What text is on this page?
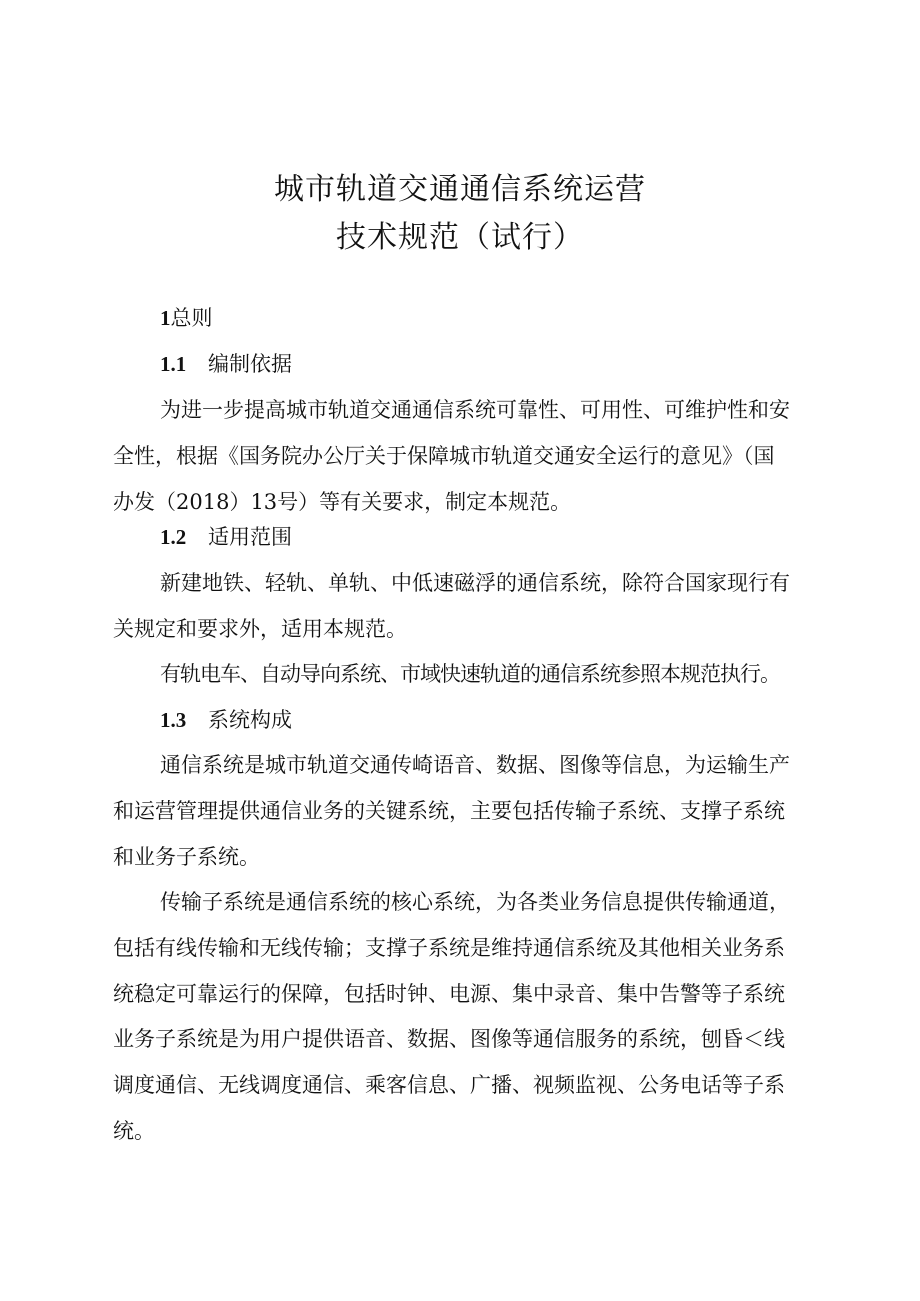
城市轨道交通通信系统运营
技术规范（试行）
1总则
1.1 编制依据

为进一步提高城市轨道交通通信系统可靠性、可用性、可维护性和安

全性，根据《国务院办公厅关于保障城市轨道交通安全运行的意见》（国

办发（2018）13号）等有关要求，制定本规范。

1.2 适用范围

新建地铁、轻轨、单轨、中低速磁浮的通信系统，除符合国家现行有

关规定和要求外，适用本规范。

有轨电车、自动导向系统、市域快速轨道的通信系统参照本规范执行。

1.3 系统构成

通信系统是城市轨道交通传崎语音、数据、图像等信息，为运输生产

和运营管理提供通信业务的关键系统，主要包括传输子系统、支撑子系统

和业务子系统。

传输子系统是通信系统的核心系统，为各类业务信息提供传输通道，

包括有线传输和无线传输；支撑子系统是维持通信系统及其他相关业务系

统稳定可靠运行的保障，包括时钟、电源、集中录音、集中告警等子系统

业务子系统是为用户提供语音、数据、图像等通信服务的系统，刨昏＜线

调度通信、无线调度通信、乘客信息、广播、视频监视、公务电话等子系

统。
